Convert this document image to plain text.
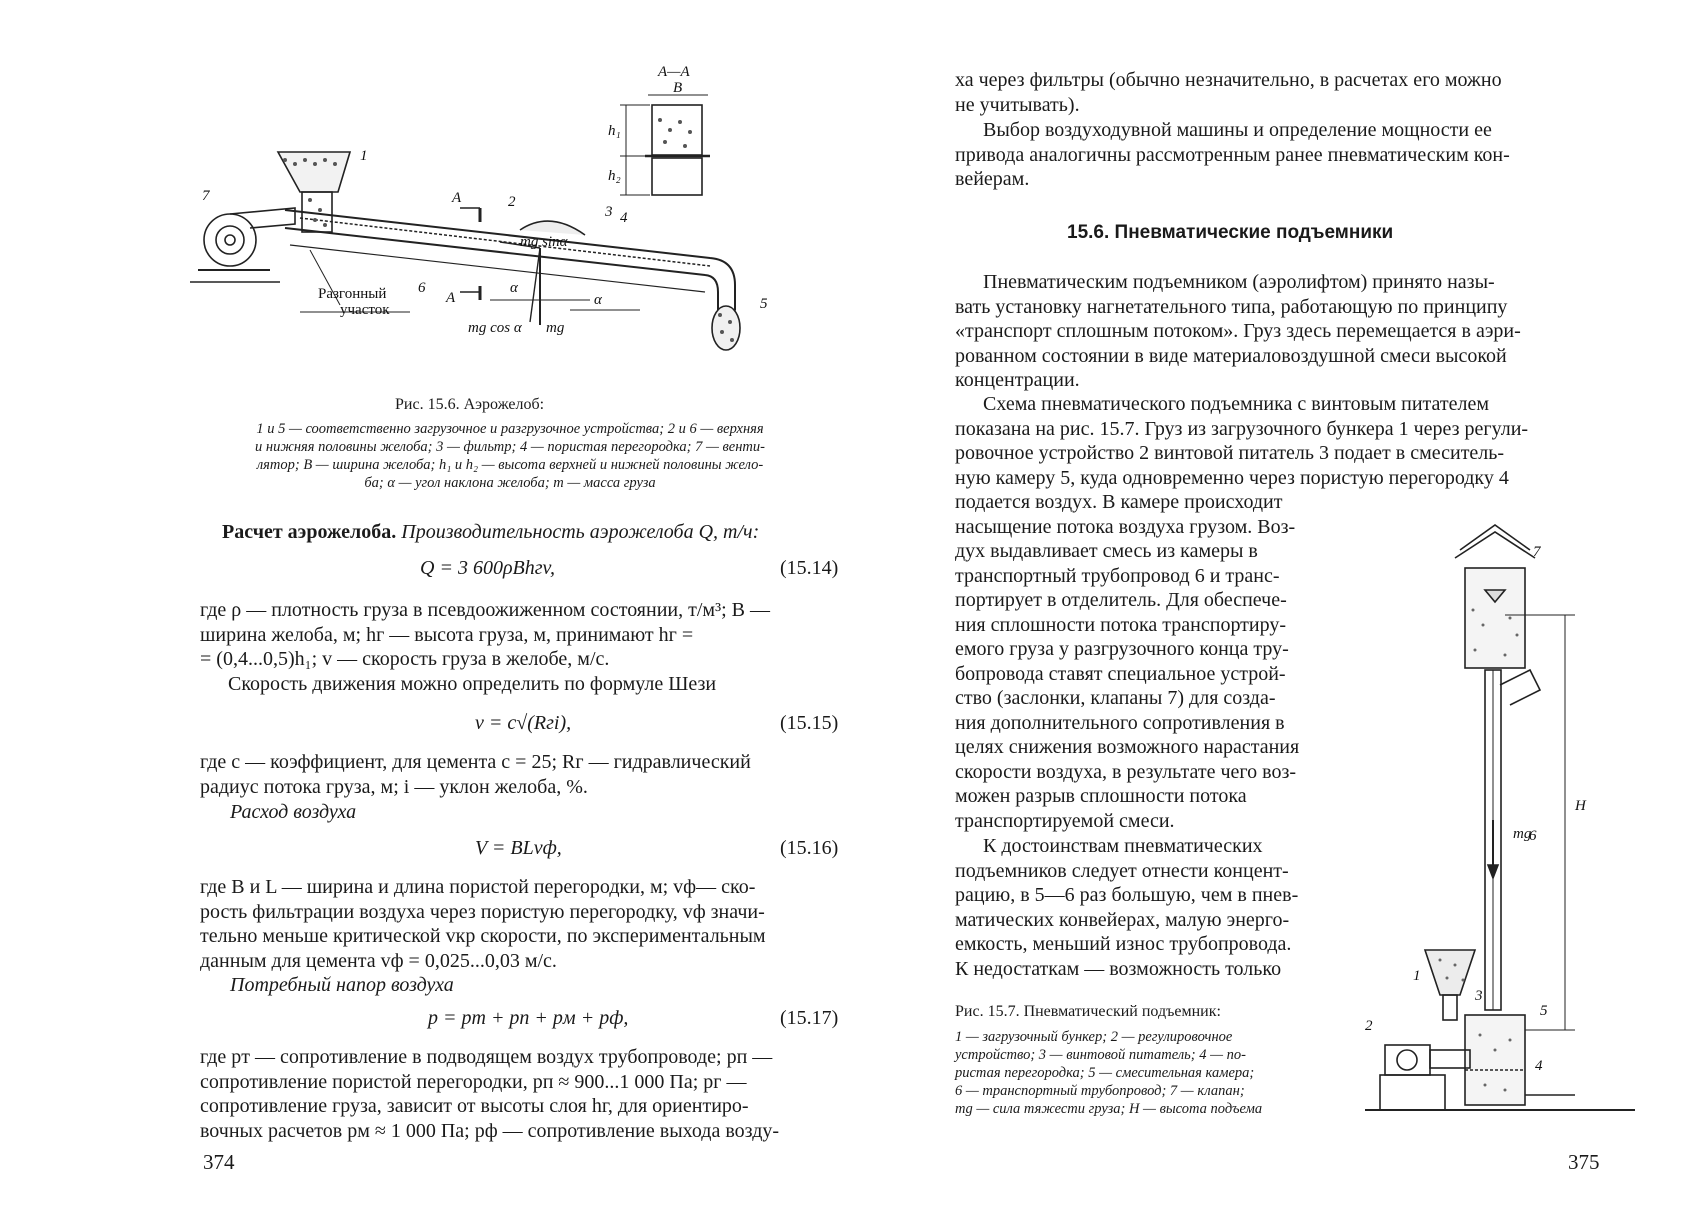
А—А
B
h₁
h₂
1
2
3 4
5
6
7	A
A
Разгонный
участок
mg sinα
mg cos α mg
α
α
Рис. 15.6. Аэрожелоб:
1 и 5 — соответственно загрузочное и разгрузочное устройства; 2 и 6 — верхняя
и нижняя половины желоба; 3 — фильтр; 4 — пористая перегородка; 7 — венти-
лятор; B — ширина желоба; h₁ и h₂ — высота верхней и нижней половины жело-
ба; α — угол наклона желоба; m — масса груза
Расчет аэрожелоба. Производительность аэрожелоба Q, т/ч:
Q = 3 600ρBhгv,	(15.14)
где ρ — плотность груза в псевдоожиженном состоянии, т/м³; B —
ширина желоба, м; hг — высота груза, м, принимают hг =
= (0,4...0,5)h₁; v — скорость груза в желобе, м/с.
Скорость движения можно определить по формуле Шези
v = c√(Rгi),	(15.15)
где c — коэффициент, для цемента c = 25; Rг — гидравлический
радиус потока груза, м; i — уклон желоба, %.
Расход воздуха
V = BLvф,	(15.16)
где B и L — ширина и длина пористой перегородки, м; vф— ско-
рость фильтрации воздуха через пористую перегородку, vф значи-
тельно меньше критической vкр скорости, по экспериментальным
данным для цемента vф = 0,025...0,03 м/с.
Потребный напор воздуха
p = pт + pп + pм + pф,	(15.17)
где pт — сопротивление в подводящем воздух трубопроводе; pп —
сопротивление пористой перегородки, pп ≈ 900...1 000 Па; pг —
сопротивление груза, зависит от высоты слоя hг, для ориентиро-
вочных расчетов pм ≈ 1 000 Па; pф — сопротивление выхода возду-
374
ха через фильтры (обычно незначительно, в расчетах его можно
не учитывать).
Выбор воздуходувной машины и определение мощности ее
привода аналогичны рассмотренным ранее пневматическим кон-
вейерам.
15.6. Пневматические подъемники
Пневматическим подъемником (аэролифтом) принято назы-
вать установку нагнетательного типа, работающую по принципу
«транспорт сплошным потоком». Груз здесь перемещается в аэри-
рованном состоянии в виде материаловоздушной смеси высокой
концентрации.
Схема пневматического подъемника с винтовым питателем
показана на рис. 15.7. Груз из загрузочного бункера 1 через регули-
ровочное устройство 2 винтовой питатель 3 подает в смеситель-
ную камеру 5, куда одновременно через пористую перегородку 4
подается воздух. В камере происходит
насыщение потока воздуха грузом. Воз-
дух выдавливает смесь из камеры в
транспортный трубопровод 6 и транс-
портирует в отделитель. Для обеспече-
ния сплошности потока транспортиру-
емого груза у разгрузочного конца тру-
бопровода ставят специальное устрой-
ство (заслонки, клапаны 7) для созда-
ния дополнительного сопротивления в
целях снижения возможного нарастания
скорости воздуха, в результате чего воз-
можен разрыв сплошности потока
транспортируемой смеси.
К достоинствам пневматических
подъемников следует отнести концент-
рацию, в 5—6 раз большую, чем в пнев-
матических конвейерах, малую энерго-
емкость, меньший износ трубопровода.
К недостаткам — возможность только
7
mg
H
6
1
3
2
5
4
Рис. 15.7. Пневматический подъемник:
1 — загрузочный бункер; 2 — регулировочное
устройство; 3 — винтовой питатель; 4 — по-
ристая перегородка; 5 — смесительная камера;
6 — транспортный трубопровод; 7 — клапан;
mg — сила тяжести груза; H — высота подъема
375
